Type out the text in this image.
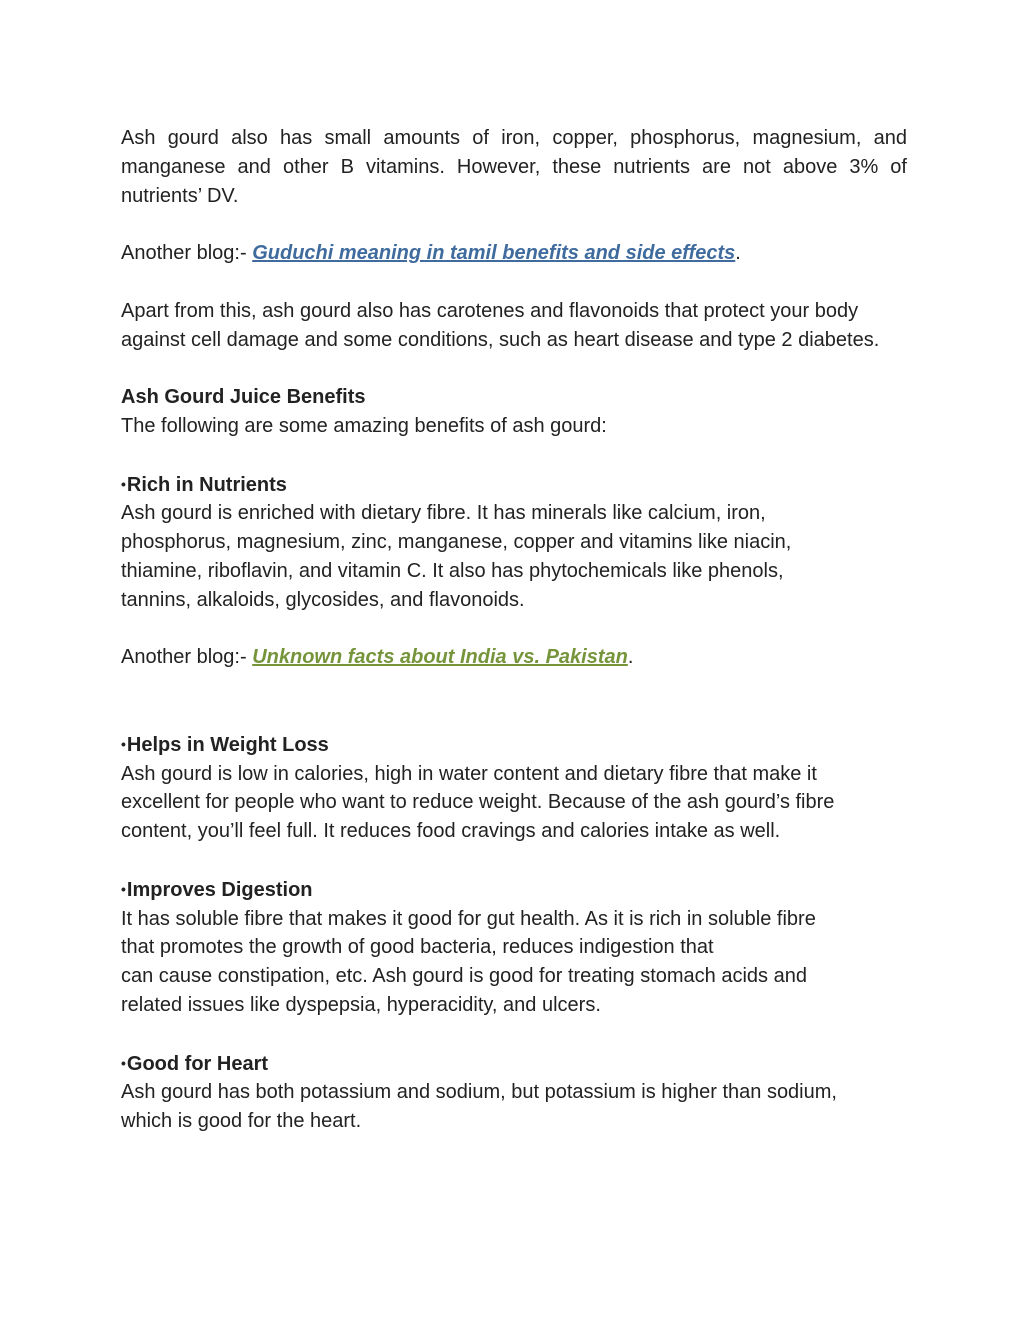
Ash gourd also has small amounts of iron, copper, phosphorus, magnesium, and manganese and other B vitamins. However, these nutrients are not above 3% of nutrients’ DV.

Another blog:- Guduchi meaning in tamil benefits and side effects.

Apart from this, ash gourd also has carotenes and flavonoids that protect your body against cell damage and some conditions, such as heart disease and type 2 diabetes.

Ash Gourd Juice Benefits

The following are some amazing benefits of ash gourd:

•Rich in Nutrients

Ash gourd is enriched with dietary fibre. It has minerals like calcium, iron,

phosphorus, magnesium, zinc, manganese, copper and vitamins like niacin,

thiamine, riboflavin, and vitamin C. It also has phytochemicals like phenols,

tannins, alkaloids, glycosides, and flavonoids.

Another blog:- Unknown facts about India vs. Pakistan.

•Helps in Weight Loss

Ash gourd is low in calories, high in water content and dietary fibre that make it

excellent for people who want to reduce weight. Because of the ash gourd’s fibre

content, you’ll feel full. It reduces food cravings and calories intake as well.

•Improves Digestion

It has soluble fibre that makes it good for gut health. As it is rich in soluble fibre

that promotes the growth of good bacteria, reduces indigestion that

can cause constipation, etc. Ash gourd is good for treating stomach acids and

related issues like dyspepsia, hyperacidity, and ulcers.

•Good for Heart

Ash gourd has both potassium and sodium, but potassium is higher than sodium,

which is good for the heart.
